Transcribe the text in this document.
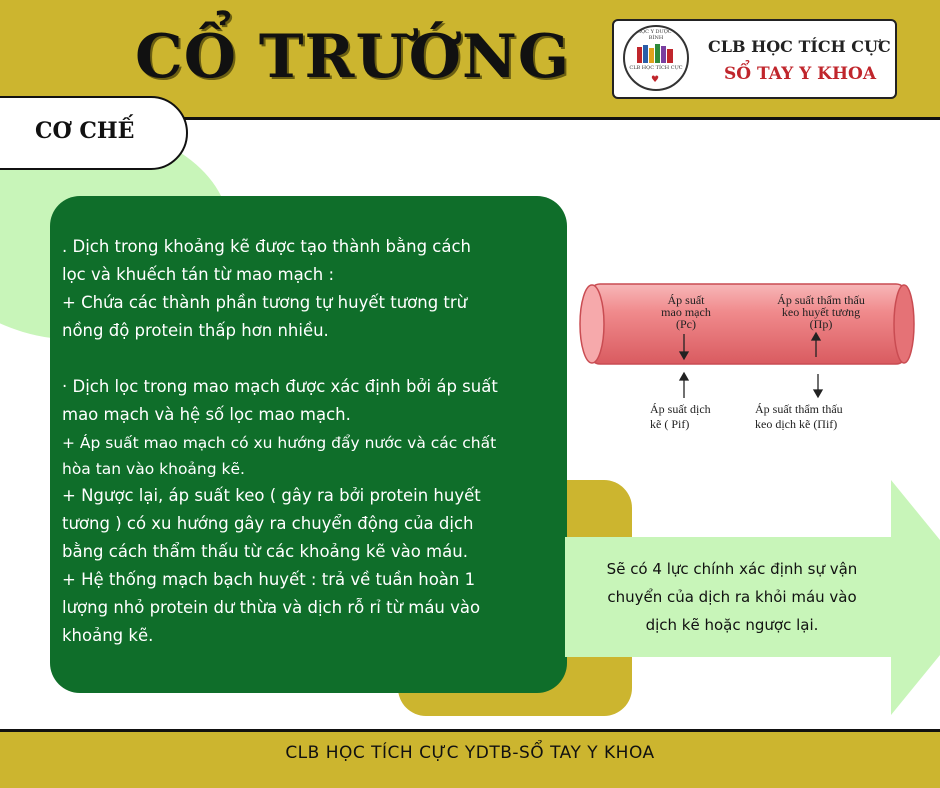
CỔ TRƯỚNG	ĐẠI HỌC Y DƯỢC THÁI BÌNH
CLB HỌC TÍCH CỰC
♥
CLB HỌC TÍCH CỰC
SỔ TAY Y KHOA
CƠ CHẾ
. Dịch trong khoảng kẽ được tạo thành bằng cách
lọc và khuếch tán từ mao mạch :
+ Chứa các thành phần tương tự huyết tương trừ
nồng độ protein thấp hơn nhiều.
· Dịch lọc trong mao mạch được xác định bởi áp suất
mao mạch và hệ số lọc mao mạch.
+ Áp suất mao mạch có xu hướng đẩy nước và các chất
hòa tan vào khoảng kẽ.
+ Ngược lại, áp suất keo ( gây ra bởi protein huyết
tương ) có xu hướng gây ra chuyển động của dịch
bằng cách thẩm thấu từ các khoảng kẽ vào máu.
+ Hệ thống mạch bạch huyết : trả về tuần hoàn 1
lượng nhỏ protein dư thừa và dịch rỗ rỉ từ máu vào
khoảng kẽ.
Áp suất
mao mạch
(Pc)
Áp suất thẩm thấu
keo huyết tương
(Пp)
Áp suất dịch
kẽ ( Pif)
Áp suất thẩm thấu
keo dịch kẽ (Пif)
Sẽ có 4 lực chính xác định sự vận
chuyển của dịch ra khỏi máu vào
dịch kẽ hoặc ngược lại.
CLB HỌC TÍCH CỰC YDTB-SỔ TAY Y KHOA
